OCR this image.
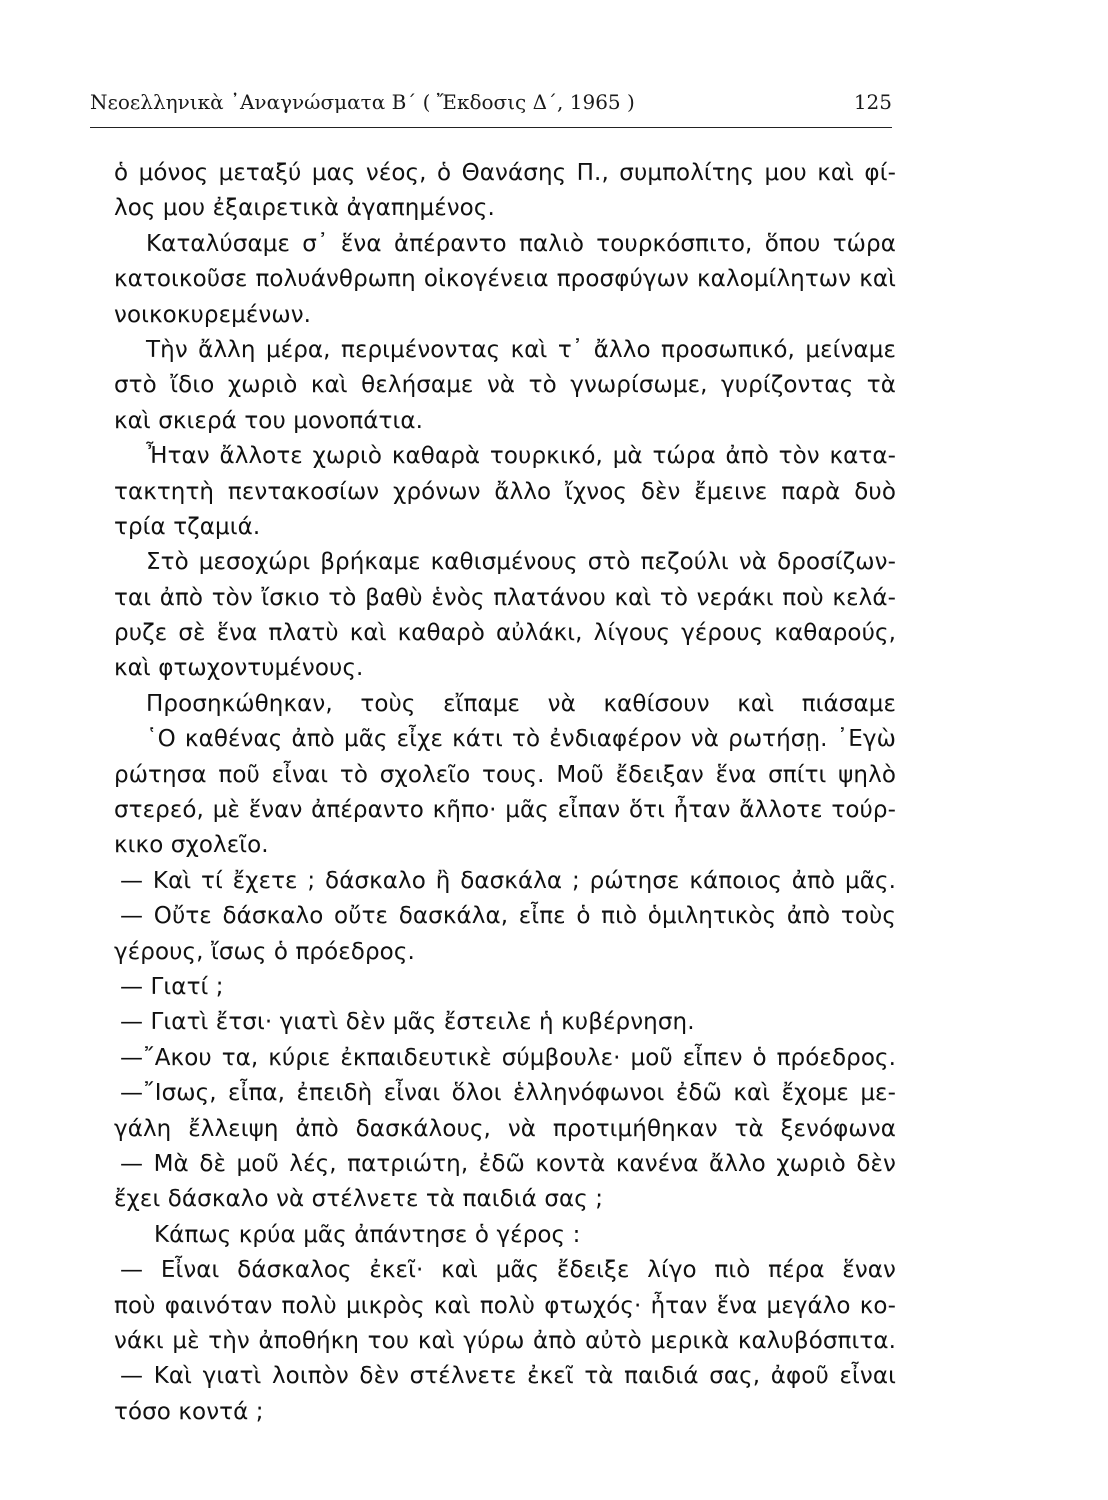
Νεοελληνικὰ ᾿Αναγνώσματα Β΄ ( Ἔκδοσις Δ΄, 1965 )	125
ὁ μόνος μεταξύ μας νέος, ὁ Θανάσης Π., συμπολίτης μου καὶ φί-
λος μου ἐξαιρετικὰ ἀγαπημένος.
Καταλύσαμε σ᾿ ἕνα ἀπέραντο παλιὸ τουρκόσπιτο, ὅπου τώρα
κατοικοῦσε πολυάνθρωπη οἰκογένεια προσφύγων καλομίλητων καὶ
νοικοκυρεμένων.
Τὴν ἄλλη μέρα, περιμένοντας καὶ τ᾿ ἄλλο προσωπικό, μείναμε
στὸ ἴδιο χωριὸ καὶ θελήσαμε νὰ τὸ γνωρίσωμε, γυρίζοντας τὰ
καὶ σκιερά του μονοπάτια.
Ἦταν ἄλλοτε χωριὸ καθαρὰ τουρκικό, μὰ τώρα ἀπὸ τὸν κατα-
τακτητὴ πεντακοσίων χρόνων ἄλλο ἴχνος δὲν ἔμεινε παρὰ δυὸ
τρία τζαμιά.
Στὸ μεσοχώρι βρήκαμε καθισμένους στὸ πεζούλι νὰ δροσίζων-
ται ἀπὸ τὸν ἴσκιο τὸ βαθὺ ἑνὸς πλατάνου καὶ τὸ νεράκι ποὺ κελά-
ρυζε σὲ ἕνα πλατὺ καὶ καθαρὸ αὐλάκι, λίγους γέρους καθαρούς,
καὶ φτωχοντυμένους.
Προσηκώθηκαν, τοὺς εἴπαμε νὰ καθίσουν καὶ πιάσαμε
῾Ο καθένας ἀπὸ μᾶς εἶχε κάτι τὸ ἐνδιαφέρον νὰ ρωτήσῃ. ᾿Εγὼ
ρώτησα ποῦ εἶναι τὸ σχολεῖο τους. Μοῦ ἔδειξαν ἕνα σπίτι ψηλὸ
στερεό, μὲ ἕναν ἀπέραντο κῆπο· μᾶς εἶπαν ὅτι ἦταν ἄλλοτε τούρ-
κικο σχολεῖο.
— Καὶ τί ἔχετε ; δάσκαλο ἢ δασκάλα ; ρώτησε κάποιος ἀπὸ μᾶς.
— Οὔτε δάσκαλο οὔτε δασκάλα, εἶπε ὁ πιὸ ὁμιλητικὸς ἀπὸ τοὺς
γέρους, ἴσως ὁ πρόεδρος.
— Γιατί ;
— Γιατὶ ἔτσι· γιατὶ δὲν μᾶς ἔστειλε ἡ κυβέρνηση.
—῎Ακου τα, κύριε ἐκπαιδευτικὲ σύμβουλε· μοῦ εἶπεν ὁ πρόεδρος.
—῎Ισως, εἶπα, ἐπειδὴ εἶναι ὅλοι ἑλληνόφωνοι ἐδῶ καὶ ἔχομε με-
γάλη ἔλλειψη ἀπὸ δασκάλους, νὰ προτιμήθηκαν τὰ ξενόφωνα
— Μὰ δὲ μοῦ λές, πατριώτη, ἐδῶ κοντὰ κανένα ἄλλο χωριὸ δὲν
ἔχει δάσκαλο νὰ στέλνετε τὰ παιδιά σας ;
Κάπως κρύα μᾶς ἀπάντησε ὁ γέρος :
— Εἶναι δάσκαλος ἐκεῖ· καὶ μᾶς ἔδειξε λίγο πιὸ πέρα ἕναν
ποὺ φαινόταν πολὺ μικρὸς καὶ πολὺ φτωχός· ἦταν ἕνα μεγάλο κο-
νάκι μὲ τὴν ἀποθήκη του καὶ γύρω ἀπὸ αὐτὸ μερικὰ καλυβόσπιτα.
— Καὶ γιατὶ λοιπὸν δὲν στέλνετε ἐκεῖ τὰ παιδιά σας, ἀφοῦ εἶναι
τόσο κοντά ;
